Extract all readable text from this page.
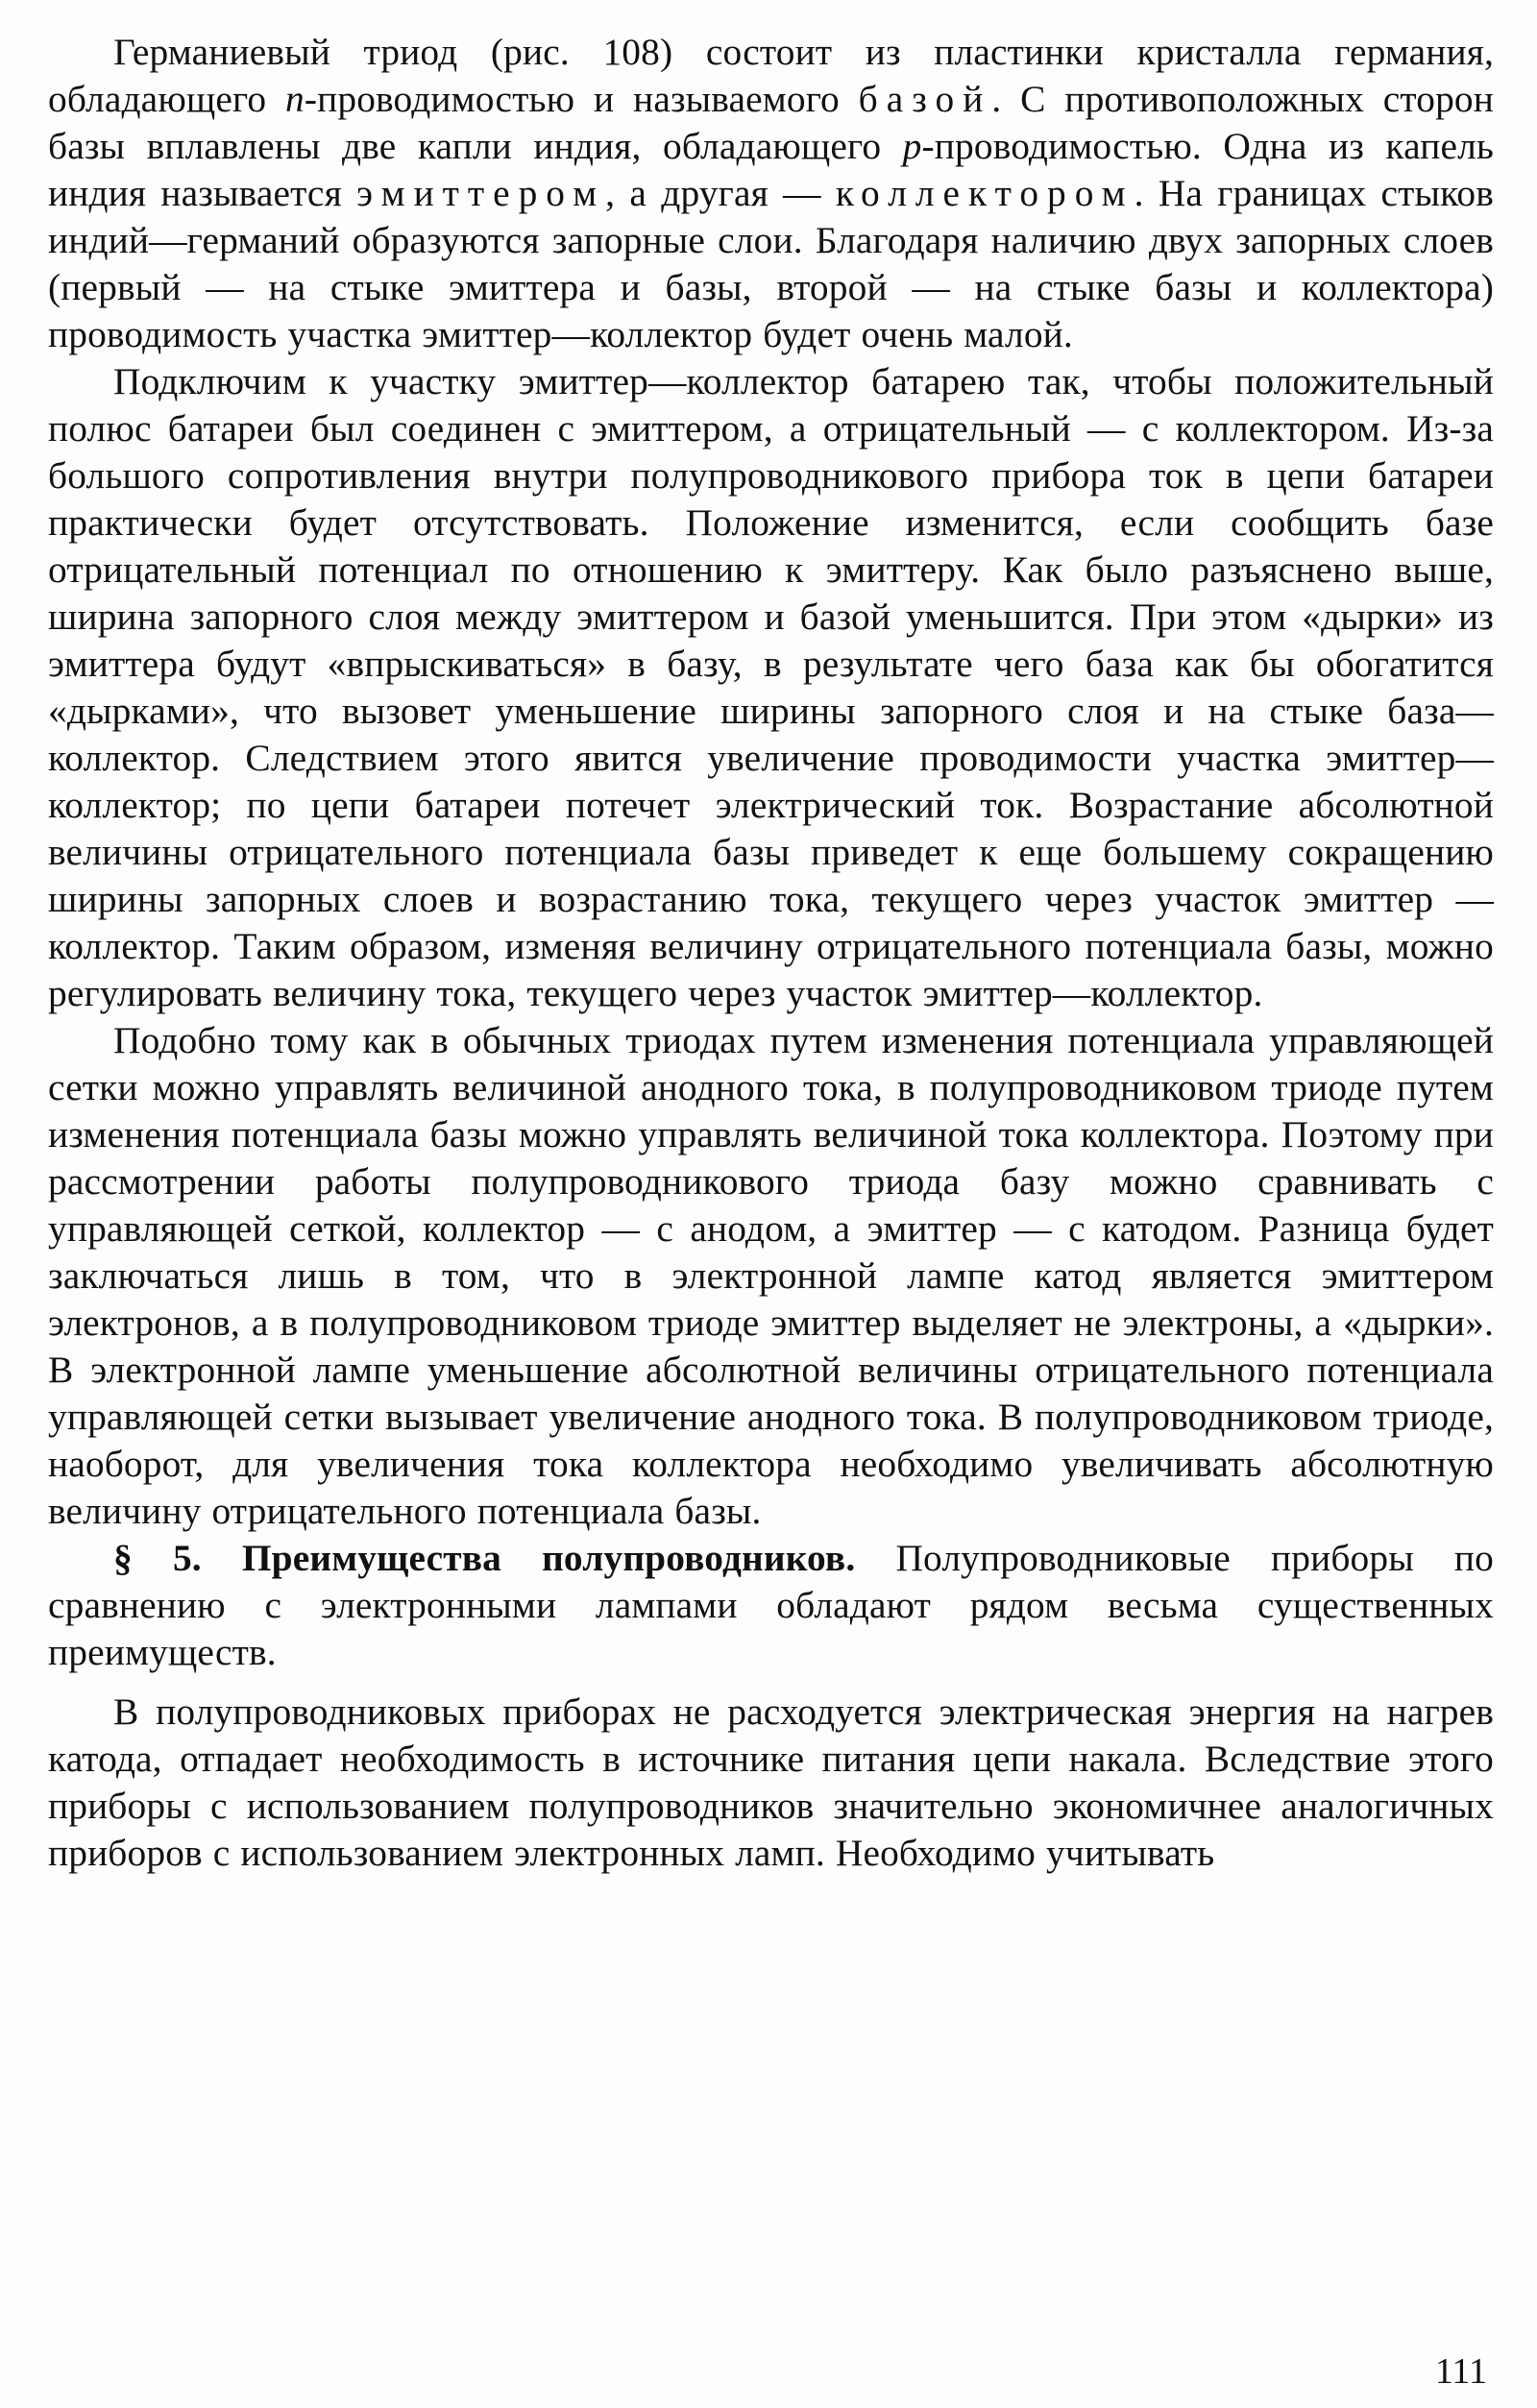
Германиевый триод (рис. 108) состоит из пластинки кристалла германия, обладающего n-проводимостью и называемого базой. С противоположных сторон базы вплавлены две капли индия, обладающего p-проводимостью. Одна из капель индия называется эмиттером, а другая — коллектором. На границах стыков индий—германий образуются запорные слои. Благодаря наличию двух запорных слоев (первый — на стыке эмиттера и базы, второй — на стыке базы и коллектора) проводимость участка эмиттер—коллектор будет очень малой.

Подключим к участку эмиттер—коллектор батарею так, чтобы положительный полюс батареи был соединен с эмиттером, а отрицательный — с коллектором. Из-за большого сопротивления внутри полупроводникового прибора ток в цепи батареи практически будет отсутствовать. Положение изменится, если сообщить базе отрицательный потенциал по отношению к эмиттеру. Как было разъяснено выше, ширина запорного слоя между эмиттером и базой уменьшится. При этом «дырки» из эмиттера будут «впрыскиваться» в базу, в результате чего база как бы обогатится «дырками», что вызовет уменьшение ширины запорного слоя и на стыке база—коллектор. Следствием этого явится увеличение проводимости участка эмиттер—коллектор; по цепи батареи потечет электрический ток. Возрастание абсолютной величины отрицательного потенциала базы приведет к еще большему сокращению ширины запорных слоев и возрастанию тока, текущего через участок эмиттер — коллектор. Таким образом, изменяя величину отрицательного потенциала базы, можно регулировать величину тока, текущего через участок эмиттер—коллектор.

Подобно тому как в обычных триодах путем изменения потенциала управляющей сетки можно управлять величиной анодного тока, в полупроводниковом триоде путем изменения потенциала базы можно управлять величиной тока коллектора. Поэтому при рассмотрении работы полупроводникового триода базу можно сравнивать с управляющей сеткой, коллектор — с анодом, а эмиттер — с катодом. Разница будет заключаться лишь в том, что в электронной лампе катод является эмиттером электронов, а в полупроводниковом триоде эмиттер выделяет не электроны, а «дырки». В электронной лампе уменьшение абсолютной величины отрицательного потенциала управляющей сетки вызывает увеличение анодного тока. В полупроводниковом триоде, наоборот, для увеличения тока коллектора необходимо увеличивать абсолютную величину отрицательного потенциала базы.

§ 5. Преимущества полупроводников. Полупроводниковые приборы по сравнению с электронными лампами обладают рядом весьма существенных преимуществ.

В полупроводниковых приборах не расходуется электрическая энергия на нагрев катода, отпадает необходимость в источнике питания цепи накала. Вследствие этого приборы с использованием полупроводников значительно экономичнее аналогичных приборов с использованием электронных ламп. Необходимо учитывать

111
